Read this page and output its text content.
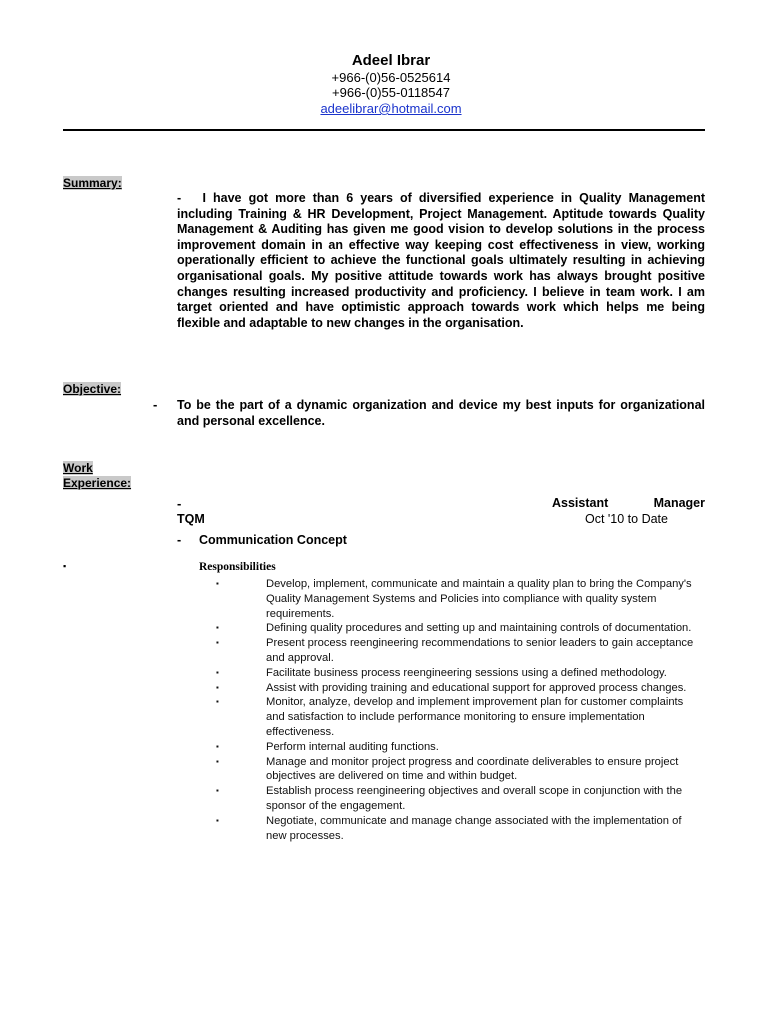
Adeel Ibrar
+966-(0)56-0525614
+966-(0)55-0118547
adeelibrar@hotmail.com
Summary:
- I have got more than 6 years of diversified experience in Quality Management including Training & HR Development, Project Management. Aptitude towards Quality Management & Auditing has given me good vision to develop solutions in the process improvement domain in an effective way keeping cost effectiveness in view, working operationally efficient to achieve the functional goals ultimately resulting in achieving organisational goals. My positive attitude towards work has always brought positive changes resulting increased productivity and proficiency. I believe in team work. I am target oriented and have optimistic approach towards work which helps me being flexible and adaptable to new changes in the organisation.
Objective:
- To be the part of a dynamic organization and device my best inputs for organizational and personal excellence.
Work
Experience:
-	Assistant	Manager
TQM	Oct '10 to Date
- Communication Concept
▪	Responsibilities
▪	Develop, implement, communicate and maintain a quality plan to bring the Company's Quality Management Systems and Policies into compliance with quality system requirements.
▪	Defining quality procedures and setting up and maintaining controls of documentation.
▪	Present process reengineering recommendations to senior leaders to gain acceptance and approval.
▪	Facilitate business process reengineering sessions using a defined methodology.
▪	Assist with providing training and educational support for approved process changes.
▪	Monitor, analyze, develop and implement improvement plan for customer complaints and satisfaction to include performance monitoring to ensure implementation effectiveness.
▪	Perform internal auditing functions.
▪	Manage and monitor project progress and coordinate deliverables to ensure project objectives are delivered on time and within budget.
▪	Establish process reengineering objectives and overall scope in conjunction with the sponsor of the engagement.
▪	Negotiate, communicate and manage change associated with the implementation of new processes.
